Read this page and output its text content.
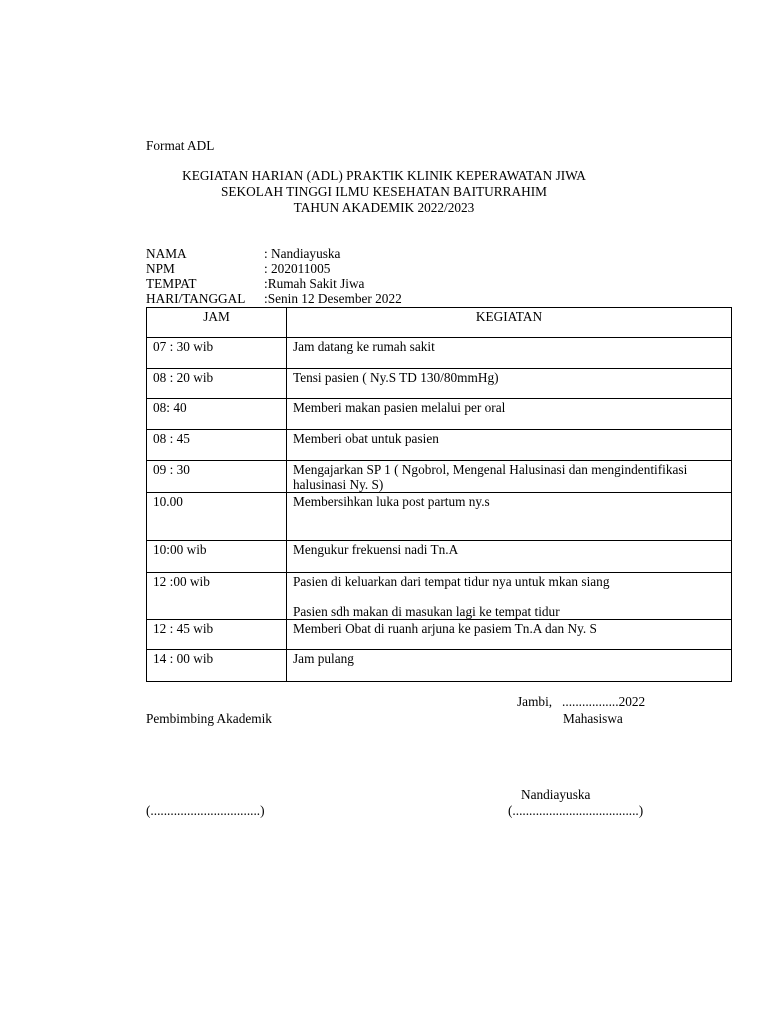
Format ADL
KEGIATAN HARIAN (ADL) PRAKTIK KLINIK KEPERAWATAN JIWA
SEKOLAH TINGGI ILMU KESEHATAN BAITURRAHIM
TAHUN AKADEMIK 2022/2023
NAMA	: Nandiayuska
NPM	: 202011005
TEMPAT	:Rumah Sakit Jiwa
HARI/TANGGAL :Senin 12 Desember 2022
JAM	KEGIATAN
07 : 30 wib	Jam datang ke rumah sakit
08 : 20 wib	Tensi pasien ( Ny.S TD 130/80mmHg)
08: 40	Memberi makan pasien melalui per oral
08 : 45	Memberi obat untuk pasien
09 : 30	Mengajarkan SP 1 ( Ngobrol, Mengenal Halusinasi dan mengindentifikasi halusinasi Ny. S)
10.00	Membersihkan luka post partum ny.s
10:00 wib	Mengukur frekuensi nadi Tn.A
12 :00 wib	Pasien di keluarkan dari tempat tidur nya untuk mkan siang
Pasien sdh makan di masukan lagi ke tempat tidur
12 : 45 wib	Memberi Obat di ruanh arjuna ke pasiem Tn.A dan Ny. S
14 : 00 wib	Jam pulang
Jambi,   .................2022
Pembimbing Akademik	Mahasiswa
Nandiayuska
(.................................)	(......................................)
